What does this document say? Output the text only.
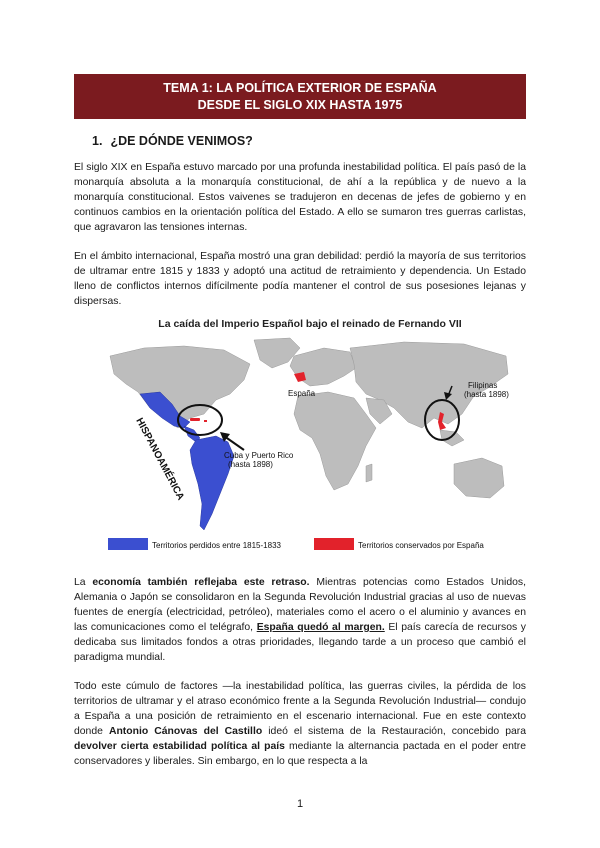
TEMA 1: LA POLÍTICA EXTERIOR DE ESPAÑA
DESDE EL SIGLO XIX HASTA 1975
1. ¿DE DÓNDE VENIMOS?

El siglo XIX en España estuvo marcado por una profunda inestabilidad política. El país pasó de la monarquía absoluta a la monarquía constitucional, de ahí a la república y de nuevo a la monarquía constitucional. Estos vaivenes se tradujeron en decenas de jefes de gobierno y en continuos cambios en la orientación política del Estado. A ello se sumaron tres guerras carlistas, que agravaron las tensiones internas.

En el ámbito internacional, España mostró una gran debilidad: perdió la mayoría de sus territorios de ultramar entre 1815 y 1833 y adoptó una actitud de retraimiento y dependencia. Un Estado lleno de conflictos internos difícilmente podía mantener el control de sus posesiones lejanas y dispersas.

La caída del Imperio Español bajo el reinado de Fernando VII
HISPANOAMÉRICA
España
Filipinas
(hasta 1898)
Cuba y Puerto Rico
(hasta 1898)
Territorios perdidos entre 1815-1833	Territorios conservados por España

La economía también reflejaba este retraso. Mientras potencias como Estados Unidos, Alemania o Japón se consolidaron en la Segunda Revolución Industrial gracias al uso de nuevas fuentes de energía (electricidad, petróleo), materiales como el acero o el aluminio y avances en las comunicaciones como el telégrafo, España quedó al margen. El país carecía de recursos y dedicaba sus limitados fondos a otras prioridades, llegando tarde a un proceso que cambió el paradigma mundial.

Todo este cúmulo de factores —la inestabilidad política, las guerras civiles, la pérdida de los territorios de ultramar y el atraso económico frente a la Segunda Revolución Industrial— condujo a España a una posición de retraimiento en el escenario internacional. Fue en este contexto donde Antonio Cánovas del Castillo ideó el sistema de la Restauración, concebido para devolver cierta estabilidad política al país mediante la alternancia pactada en el poder entre conservadores y liberales. Sin embargo, en lo que respecta a la

1
